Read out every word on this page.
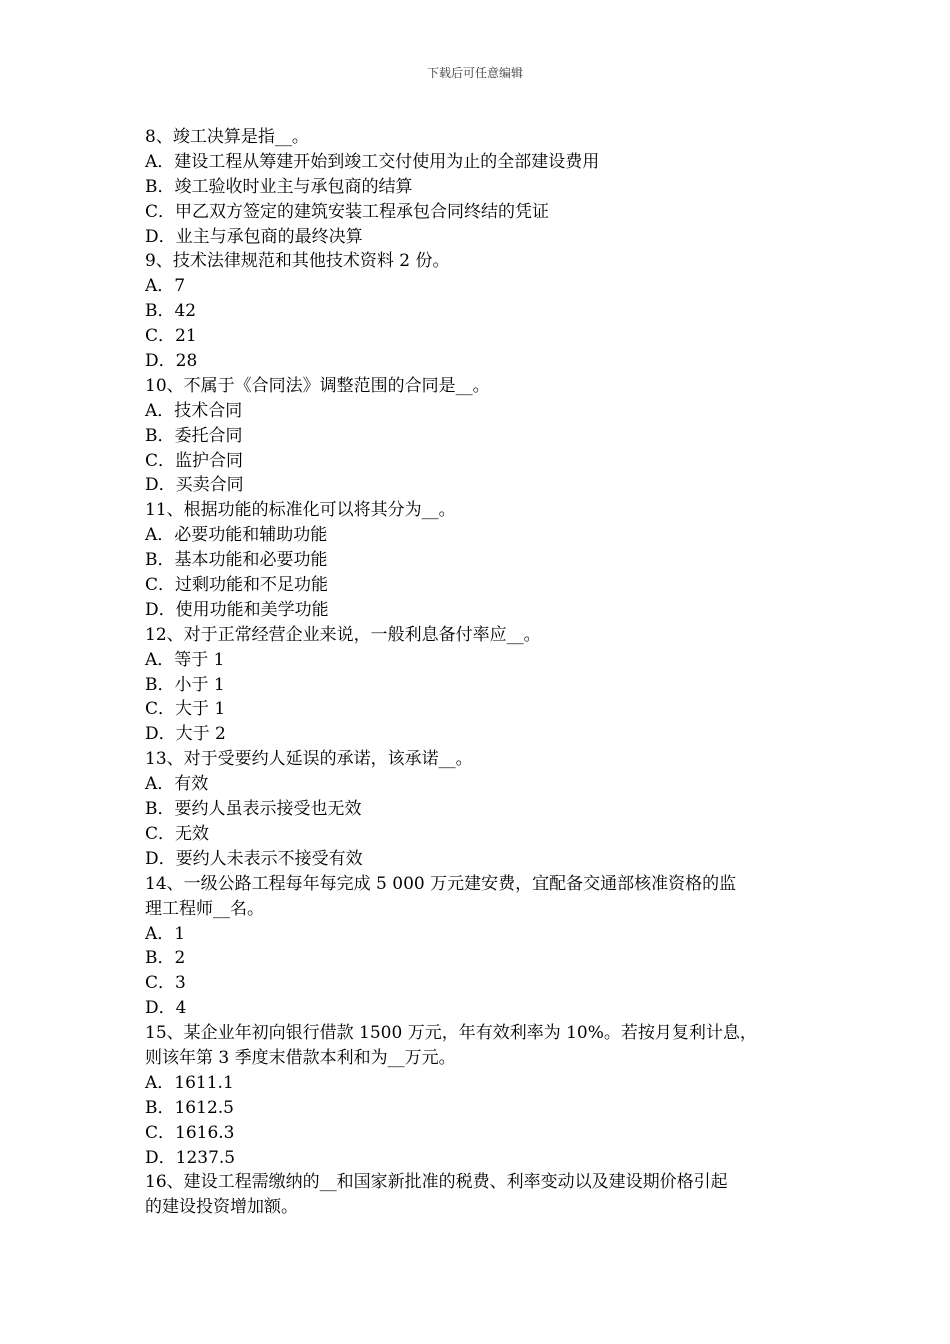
下载后可任意编辑
8、竣工决算是指__。
A．建设工程从筹建开始到竣工交付使用为止的全部建设费用
B．竣工验收时业主与承包商的结算
C．甲乙双方签定的建筑安装工程承包合同终结的凭证
D．业主与承包商的最终决算
9、技术法律规范和其他技术资料 2 份。
A．7
B．42
C．21
D．28
10、不属于《合同法》调整范围的合同是__。
A．技术合同
B．委托合同
C．监护合同
D．买卖合同
11、根据功能的标准化可以将其分为__。
A．必要功能和辅助功能
B．基本功能和必要功能
C．过剩功能和不足功能
D．使用功能和美学功能
12、对于正常经营企业来说，一般利息备付率应__。
A．等于 1
B．小于 1
C．大于 1
D．大于 2
13、对于受要约人延误的承诺，该承诺__。
A．有效
B．要约人虽表示接受也无效
C．无效
D．要约人未表示不接受有效
14、一级公路工程每年每完成 5 000 万元建安费，宜配备交通部核准资格的监
理工程师__名。
A．1
B．2
C．3
D．4
15、某企业年初向银行借款 1500 万元，年有效利率为 10%。若按月复利计息，
则该年第 3 季度末借款本利和为__万元。
A．1611.1
B．1612.5
C．1616.3
D．1237.5
16、建设工程需缴纳的__和国家新批准的税费、利率变动以及建设期价格引起
的建设投资增加额。
